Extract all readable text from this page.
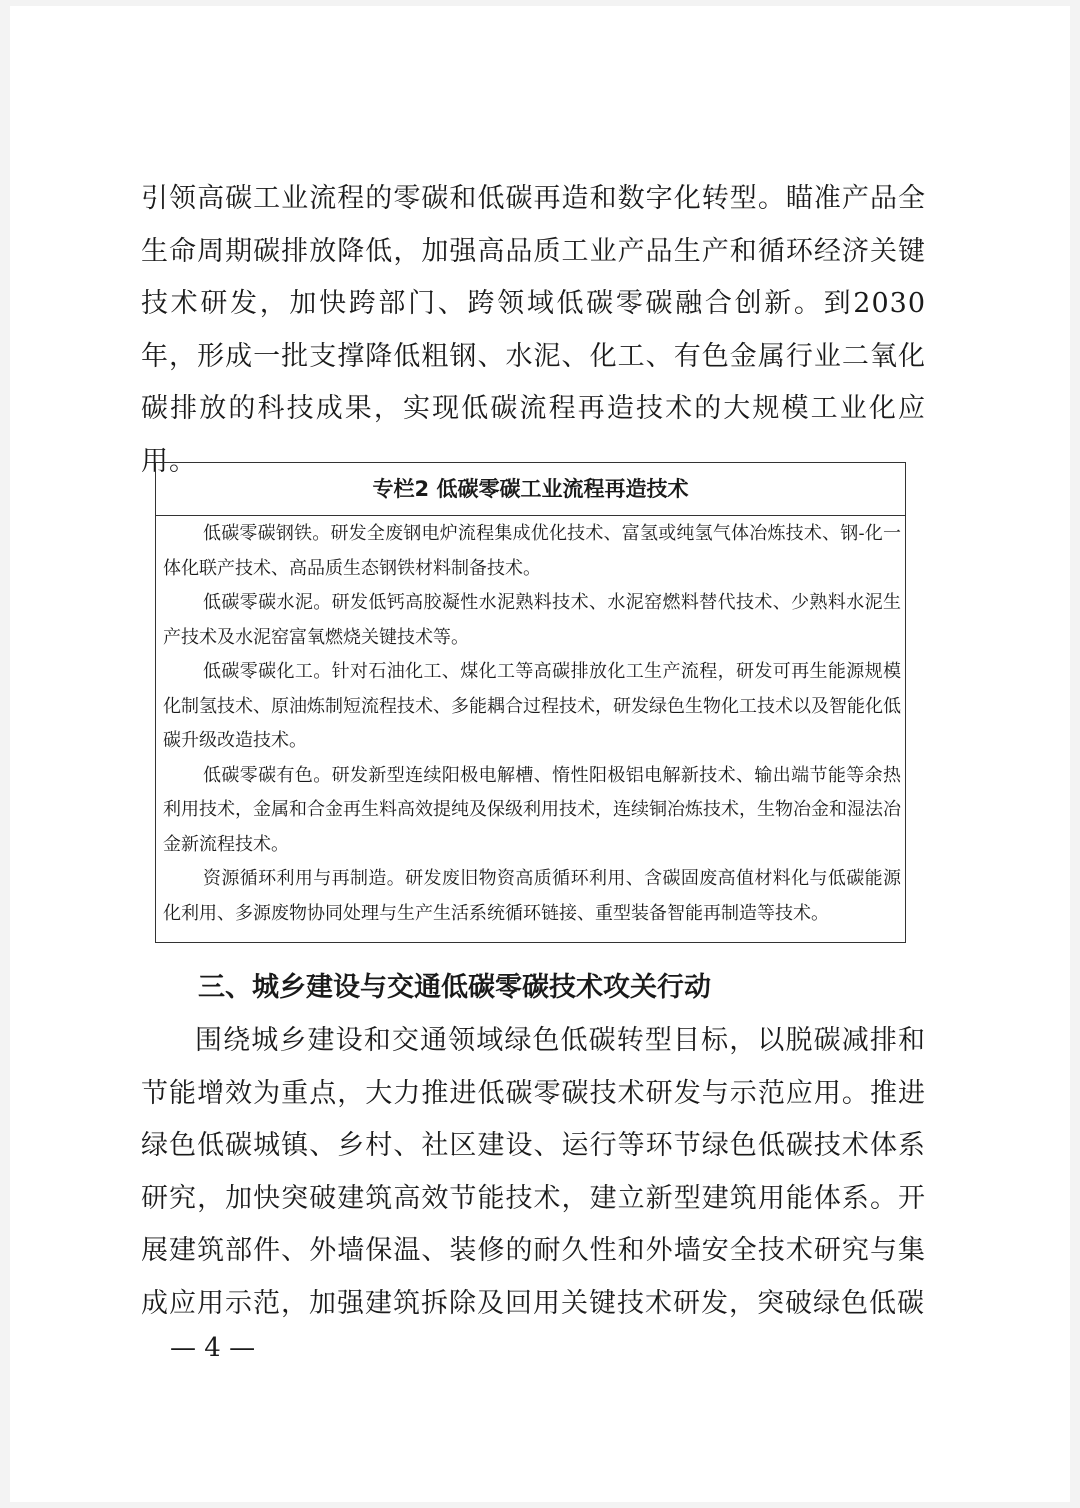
引领高碳工业流程的零碳和低碳再造和数字化转型。瞄准产品全生命周期碳排放降低，加强高品质工业产品生产和循环经济关键技术研发，加快跨部门、跨领域低碳零碳融合创新。到2030年，形成一批支撑降低粗钢、水泥、化工、有色金属行业二氧化碳排放的科技成果，实现低碳流程再造技术的大规模工业化应用。

专栏2 低碳零碳工业流程再造技术

低碳零碳钢铁。研发全废钢电炉流程集成优化技术、富氢或纯氢气体冶炼技术、钢-化一体化联产技术、高品质生态钢铁材料制备技术。

低碳零碳水泥。研发低钙高胶凝性水泥熟料技术、水泥窑燃料替代技术、少熟料水泥生产技术及水泥窑富氧燃烧关键技术等。

低碳零碳化工。针对石油化工、煤化工等高碳排放化工生产流程，研发可再生能源规模化制氢技术、原油炼制短流程技术、多能耦合过程技术，研发绿色生物化工技术以及智能化低碳升级改造技术。

低碳零碳有色。研发新型连续阳极电解槽、惰性阳极铝电解新技术、输出端节能等余热利用技术，金属和合金再生料高效提纯及保级利用技术，连续铜冶炼技术，生物冶金和湿法冶金新流程技术。

资源循环利用与再制造。研发废旧物资高质循环利用、含碳固废高值材料化与低碳能源化利用、多源废物协同处理与生产生活系统循环链接、重型装备智能再制造等技术。

三、城乡建设与交通低碳零碳技术攻关行动

围绕城乡建设和交通领域绿色低碳转型目标，以脱碳减排和节能增效为重点，大力推进低碳零碳技术研发与示范应用。推进绿色低碳城镇、乡村、社区建设、运行等环节绿色低碳技术体系研究，加快突破建筑高效节能技术，建立新型建筑用能体系。开展建筑部件、外墙保温、装修的耐久性和外墙安全技术研究与集成应用示范，加强建筑拆除及回用关键技术研发，突破绿色低碳

— 4 —
